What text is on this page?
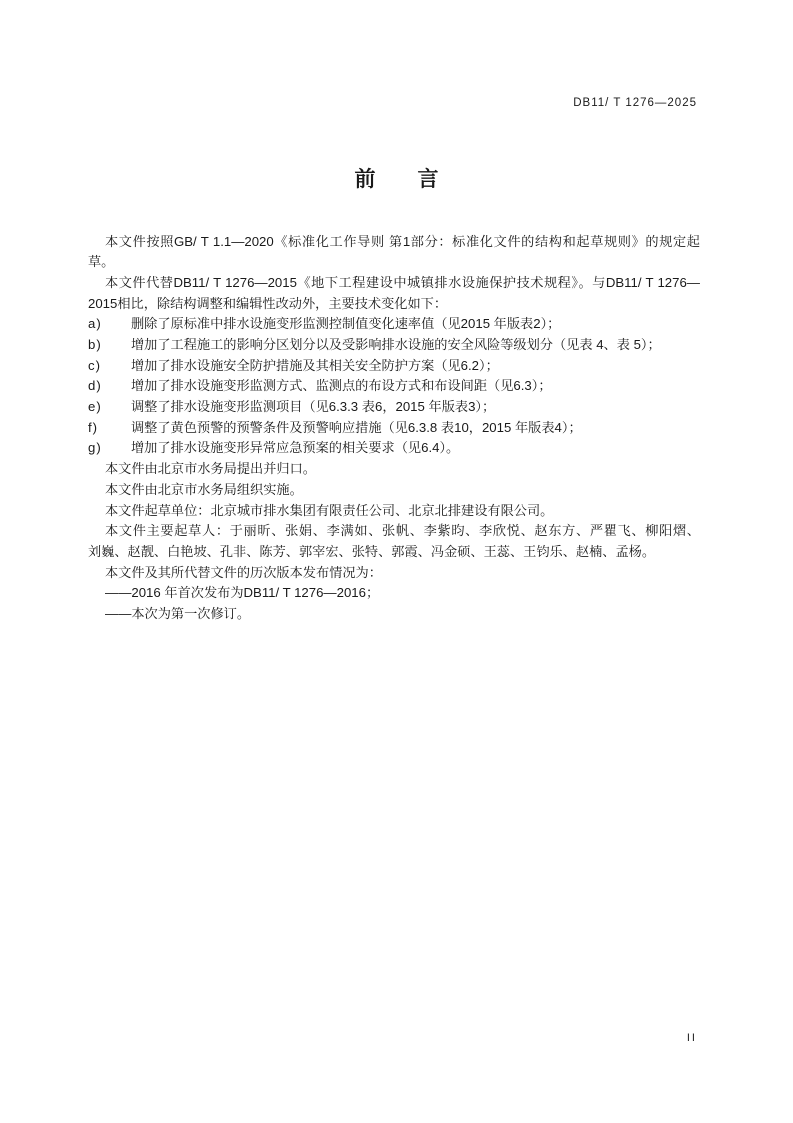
DB11/ T 1276—2025
前　　言
本文件按照GB/ T 1.1—2020《标准化工作导则 第1部分：标准化文件的结构和起草规则》的规定起
草。
本文件代替DB11/ T 1276—2015《地下工程建设中城镇排水设施保护技术规程》。与DB11/ T 1276—
2015相比，除结构调整和编辑性改动外，主要技术变化如下：
a) 删除了原标准中排水设施变形监测控制值变化速率值（见2015 年版表2）；
b) 增加了工程施工的影响分区划分以及受影响排水设施的安全风险等级划分（见表 4、表 5）；
c) 增加了排水设施安全防护措施及其相关安全防护方案（见6.2）；
d) 增加了排水设施变形监测方式、监测点的布设方式和布设间距（见6.3）；
e) 调整了排水设施变形监测项目（见6.3.3 表6，2015 年版表3）；
f) 调整了黄色预警的预警条件及预警响应措施（见6.3.8 表10，2015 年版表4）；
g) 增加了排水设施变形异常应急预案的相关要求（见6.4）。
本文件由北京市水务局提出并归口。
本文件由北京市水务局组织实施。
本文件起草单位：北京城市排水集团有限责任公司、北京北排建设有限公司。
本文件主要起草人：于丽昕、张娟、李满如、张帆、李紫昀、李欣悦、赵东方、严瞿飞、柳阳熠、
刘巍、赵靓、白艳坡、孔非、陈芳、郭宰宏、张特、郭霞、冯金硕、王蕊、王钧乐、赵楠、孟杨。
本文件及其所代替文件的历次版本发布情况为：
——2016 年首次发布为DB11/ T 1276—2016；
——本次为第一次修订。
II
